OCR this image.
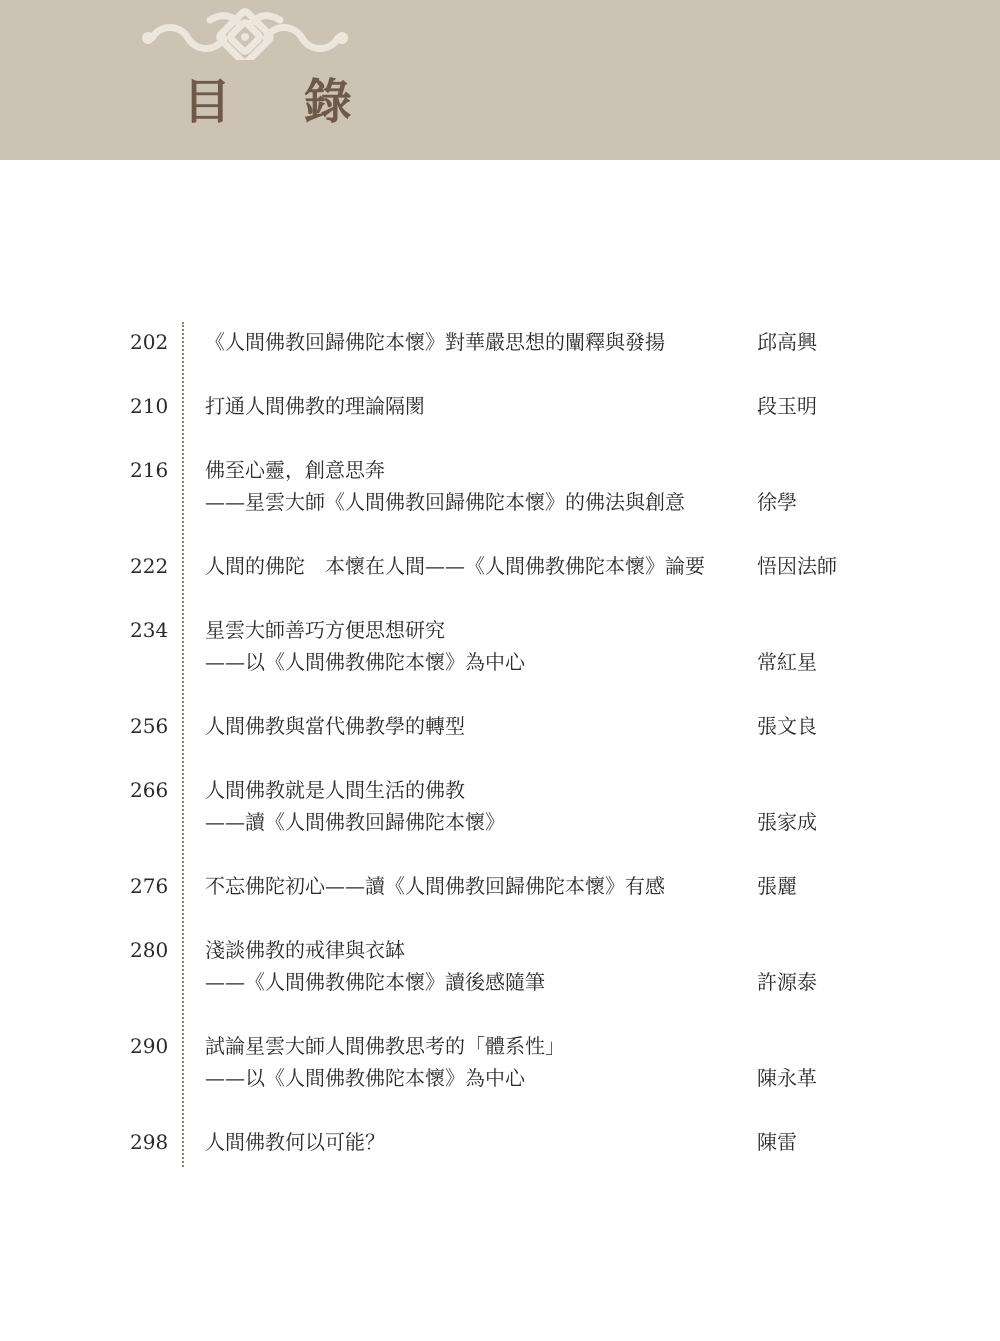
目 錄
202 《人間佛教回歸佛陀本懷》對華嚴思想的闡釋與發揚	邱高興
210 打通人間佛教的理論隔閡	段玉明
216 佛至心靈，創意思奔
——星雲大師《人間佛教回歸佛陀本懷》的佛法與創意	徐學
222 人間的佛陀　本懷在人間——《人間佛教佛陀本懷》論要	悟因法師
234 星雲大師善巧方便思想研究
——以《人間佛教佛陀本懷》為中心	常紅星
256 人間佛教與當代佛教學的轉型	張文良
266 人間佛教就是人間生活的佛教
——讀《人間佛教回歸佛陀本懷》	張家成
276 不忘佛陀初心——讀《人間佛教回歸佛陀本懷》有感	張麗
280 淺談佛教的戒律與衣缽
——《人間佛教佛陀本懷》讀後感隨筆	許源泰
290 試論星雲大師人間佛教思考的「體系性」
——以《人間佛教佛陀本懷》為中心	陳永革
298 人間佛教何以可能？	陳雷
